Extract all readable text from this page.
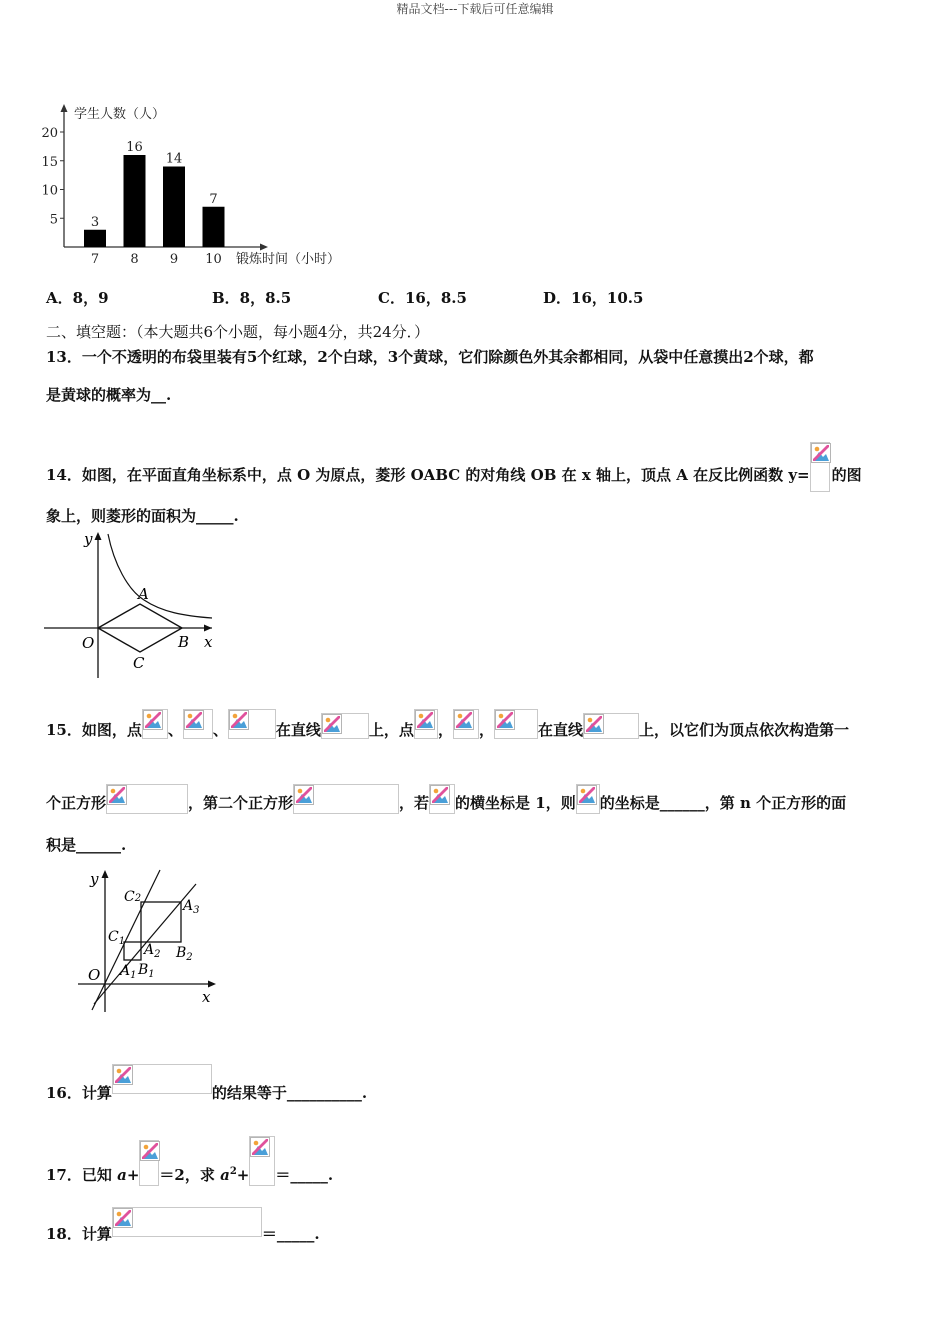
精品文档---下载后可任意编辑
学生人数（人）
锻炼时间（小时）
5
10
15
20
3
7
16
8
14
9
7
10
A．8，9	B．8，8.5	C．16，8.5	D．16，10.5
二、填空题：（本大题共6个小题，每小题4分，共24分．）
13．一个不透明的布袋里装有5个红球，2个白球，3个黄球，它们除颜色外其余都相同，从袋中任意摸出2个球，都
是黄球的概率为__.
14．如图，在平面直角坐标系中，点 O 为原点，菱形 OABC 的对角线 OB 在 x 轴上，顶点 A 在反比例函数 y= 的图
象上，则菱形的面积为_____.
y
x
O
A
B
C
15．如图，点 、 、	在直线	上，点 ， ，	在直线	上，以它们为顶点依次构造第一
个正方形	，第二个正方形	，若 的横坐标是 1，则 的坐标是______，第 n 个正方形的面
积是______.
y
x
O
C2	$A_3$
$C_1$
$A_2$ $B_2$
$A_1$ $B_1$
16．计算	的结果等于__________.
17．已知 a+ ＝2，求 $a^2+$ ＝_____.
18．计算	＝_____.
